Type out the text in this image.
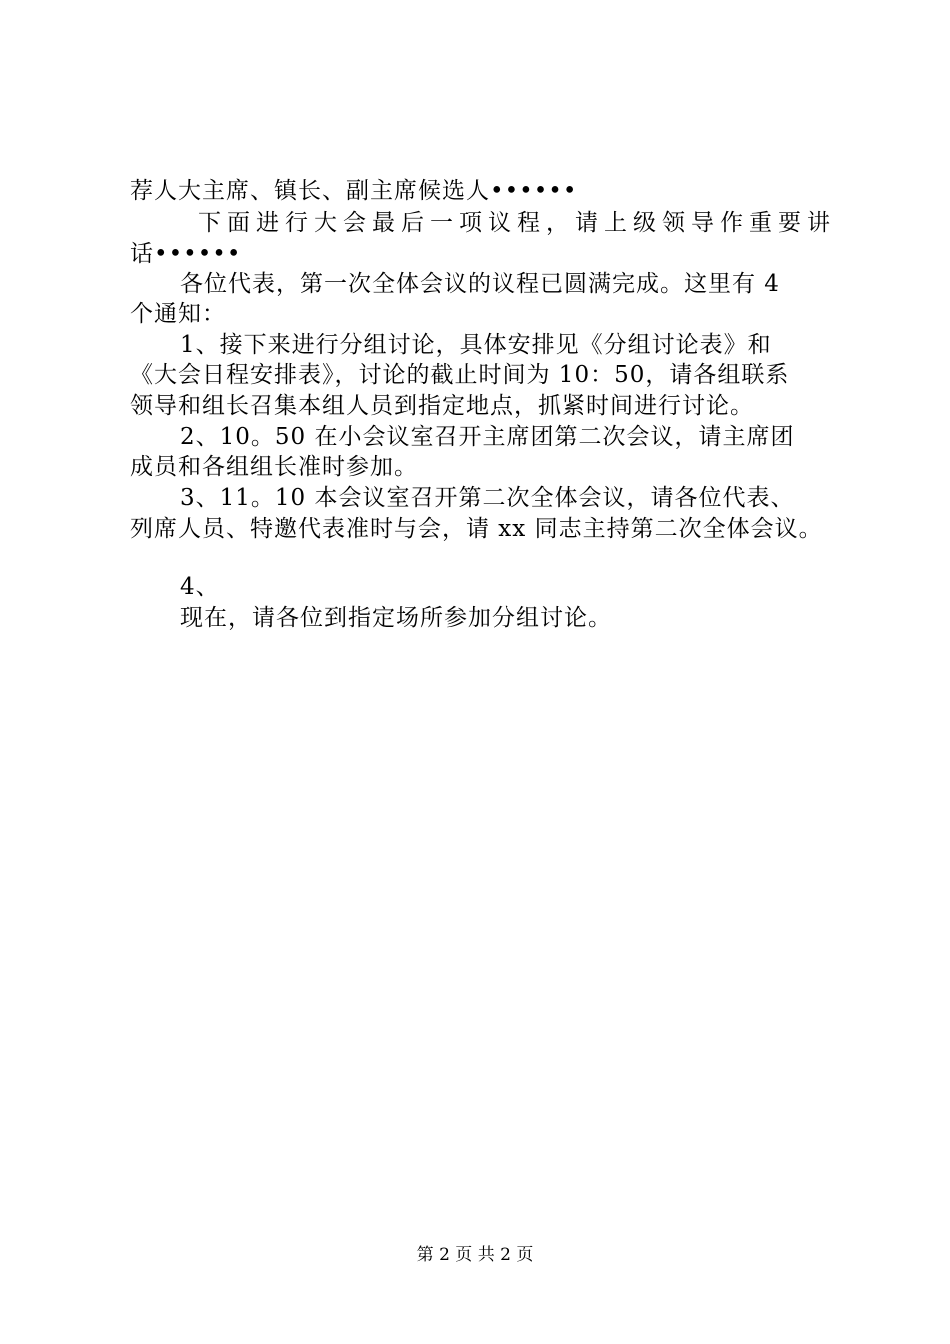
荐人大主席、镇长、副主席候选人••••••
下面进行大会最后一项议程，请上级领导作重要讲
话••••••
各位代表，第一次全体会议的议程已圆满完成。这里有 4
个通知：
1、接下来进行分组讨论，具体安排见《分组讨论表》和
《大会日程安排表》，讨论的截止时间为 10：50，请各组联系
领导和组长召集本组人员到指定地点，抓紧时间进行讨论。
2、10。50 在小会议室召开主席团第二次会议，请主席团
成员和各组组长准时参加。
3、11。10 本会议室召开第二次全体会议，请各位代表、
列席人员、特邀代表准时与会，请 xx 同志主持第二次全体会议。
4、
现在，请各位到指定场所参加分组讨论。
第 2 页 共 2 页
